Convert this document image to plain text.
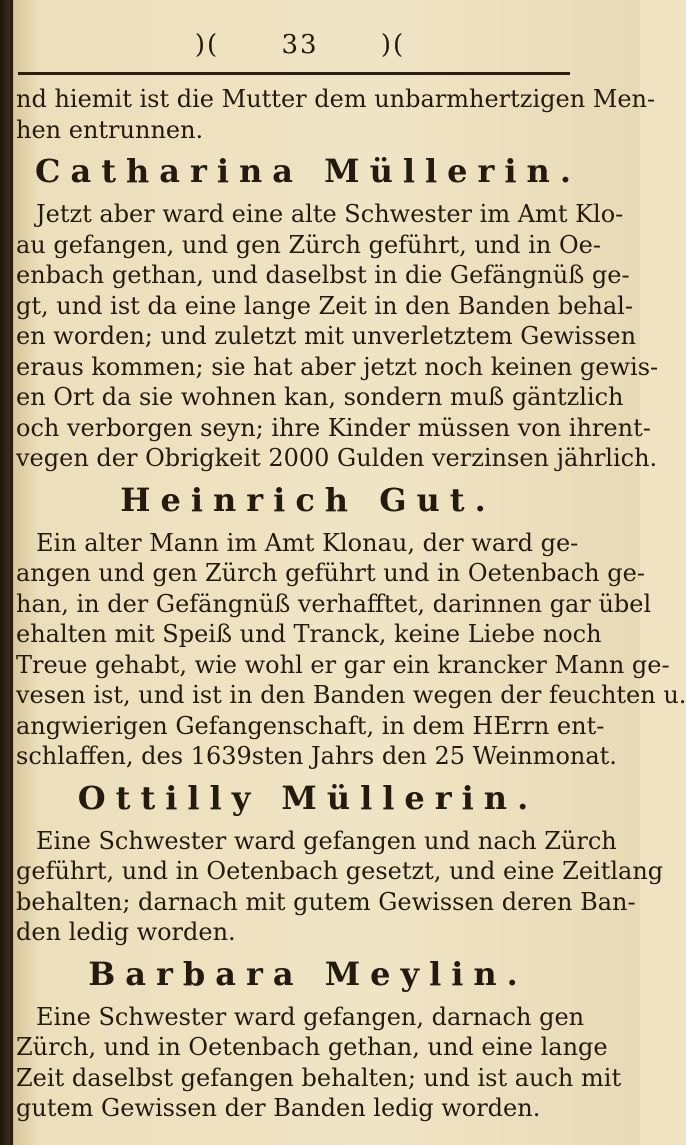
)( 33 )(
nd hiemit ist die Mutter dem unbarmhertzigen Men-
hen entrunnen.
Catharina Müllerin.
Jetzt aber ward eine alte Schwester im Amt Klo-
au gefangen, und gen Zürch geführt, und in Oe-
enbach gethan, und daselbst in die Gefängnüß ge-
gt, und ist da eine lange Zeit in den Banden behal-
en worden; und zuletzt mit unverletztem Gewissen
eraus kommen; sie hat aber jetzt noch keinen gewis-
en Ort da sie wohnen kan, sondern muß gäntzlich
och verborgen seyn; ihre Kinder müssen von ihrent-
vegen der Obrigkeit 2000 Gulden verzinsen jährlich.
Heinrich Gut.
Ein alter Mann im Amt Klonau, der ward ge-
angen und gen Zürch geführt und in Oetenbach ge-
han, in der Gefängnüß verhafftet, darinnen gar übel
ehalten mit Speiß und Tranck, keine Liebe noch
Treue gehabt, wie wohl er gar ein krancker Mann ge-
vesen ist, und ist in den Banden wegen der feuchten u.
angwierigen Gefangenschaft, in dem HErrn ent-
schlaffen, des 1639sten Jahrs den 25 Weinmonat.
Ottilly Müllerin.
Eine Schwester ward gefangen und nach Zürch
geführt, und in Oetenbach gesetzt, und eine Zeitlang
behalten; darnach mit gutem Gewissen deren Ban-
den ledig worden.
Barbara Meylin.
Eine Schwester ward gefangen, darnach gen
Zürch, und in Oetenbach gethan, und eine lange
Zeit daselbst gefangen behalten; und ist auch mit
gutem Gewissen der Banden ledig worden.
